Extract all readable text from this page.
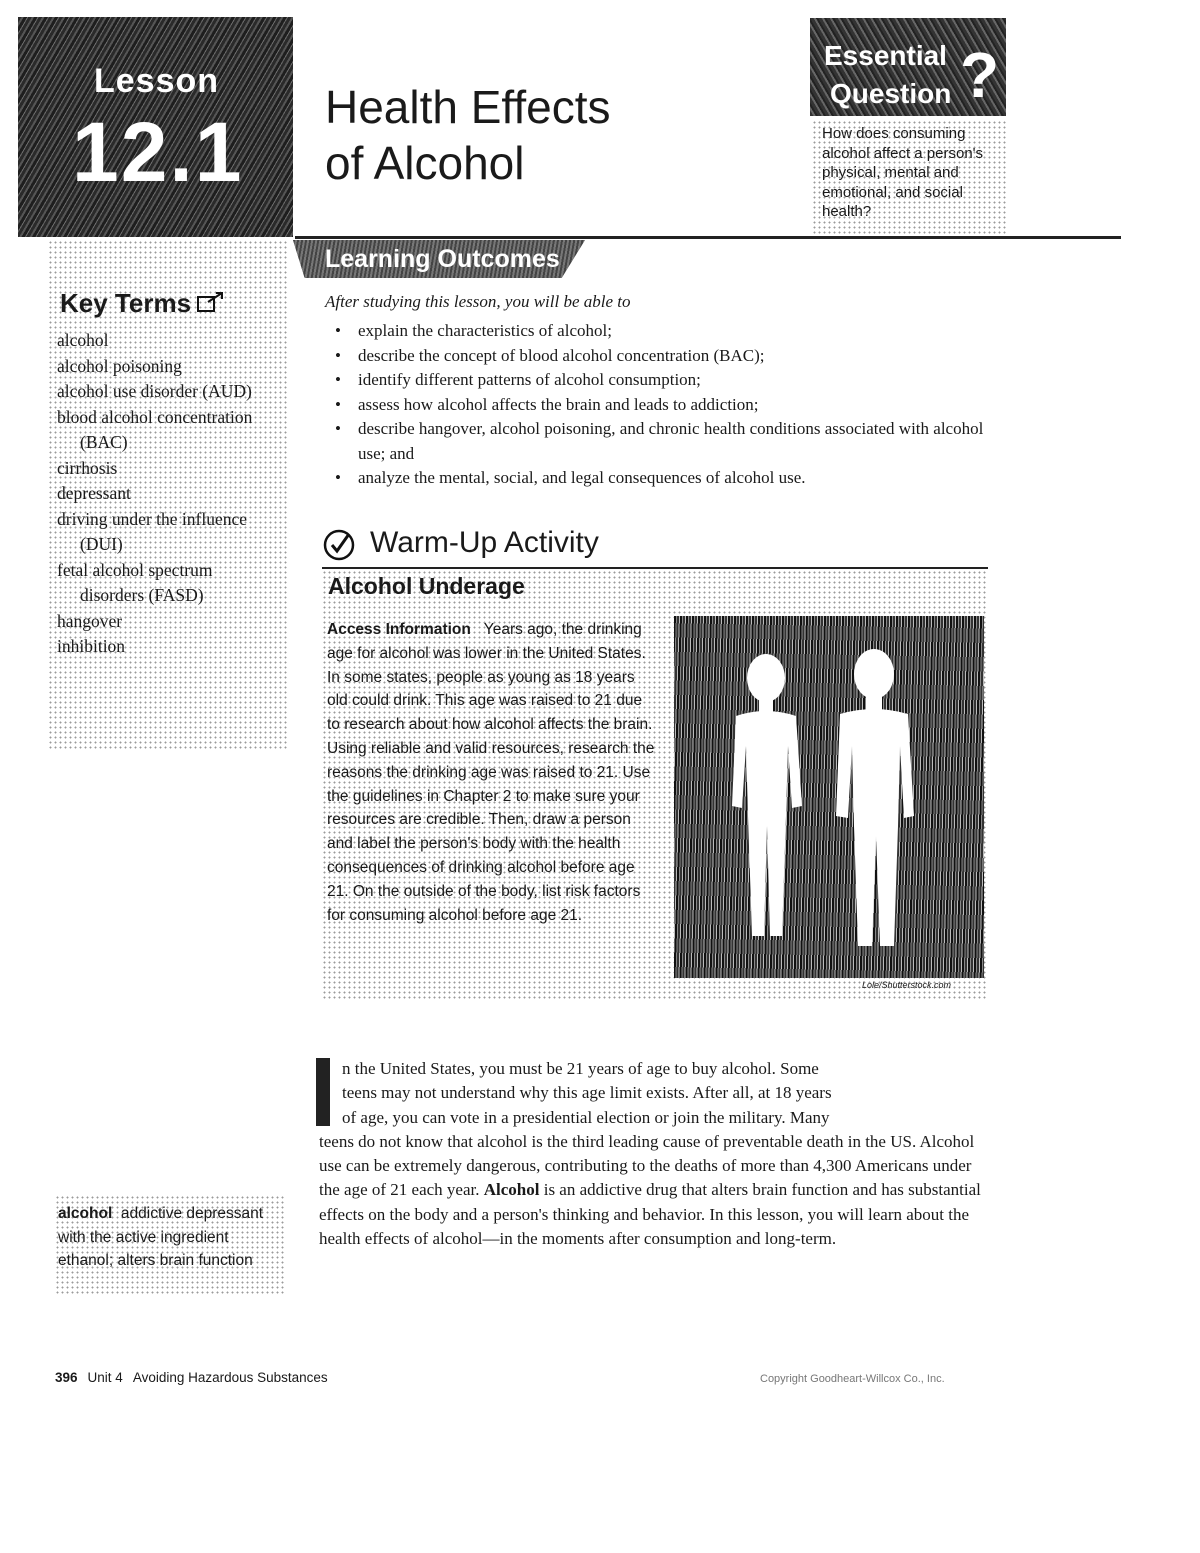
Lesson
12.1 Health Effects
of Alcohol
Essential
Question ?
How does consuming alcohol affect a person's physical, mental and emotional, and social health?
Key Terms
alcohol
alcohol poisoning
alcohol use disorder (AUD)
blood alcohol concentration (BAC)
cirrhosis
depressant
driving under the influence (DUI)
fetal alcohol spectrum disorders (FASD)
hangover
inhibition
Learning Outcomes
After studying this lesson, you will be able to
• explain the characteristics of alcohol;
• describe the concept of blood alcohol concentration (BAC);
• identify different patterns of alcohol consumption;
• assess how alcohol affects the brain and leads to addiction;
• describe hangover, alcohol poisoning, and chronic health conditions associated with alcohol use; and
• analyze the mental, social, and legal consequences of alcohol use.
Warm-Up Activity
Alcohol Underage
Access Information Years ago, the drinking age for alcohol was lower in the United States. In some states, people as young as 18 years old could drink. This age was raised to 21 due to research about how alcohol affects the brain. Using reliable and valid resources, research the reasons the drinking age was raised to 21. Use the guidelines in Chapter 2 to make sure your resources are credible. Then, draw a person and label the person's body with the health consequences of drinking alcohol before age 21. On the outside of the body, list risk factors for consuming alcohol before age 21.
Lole/Shutterstock.com
n the United States, you must be 21 years of age to buy alcohol. Some
teens may not understand why this age limit exists. After all, at 18 years
of age, you can vote in a presidential election or join the military. Many
teens do not know that alcohol is the third leading cause of preventable death in the US. Alcohol use can be extremely dangerous, contributing to the deaths of more than 4,300 Americans under the age of 21 each year. Alcohol is an addictive drug that alters brain function and has substantial effects on the body and a person's thinking and behavior. In this lesson, you will learn about the health effects of alcohol—in the moments after consumption and long-term.
alcohol addictive depressant with the active ingredient ethanol; alters brain function
396 Unit 4 Avoiding Hazardous Substances	Copyright Goodheart-Willcox Co., Inc.
